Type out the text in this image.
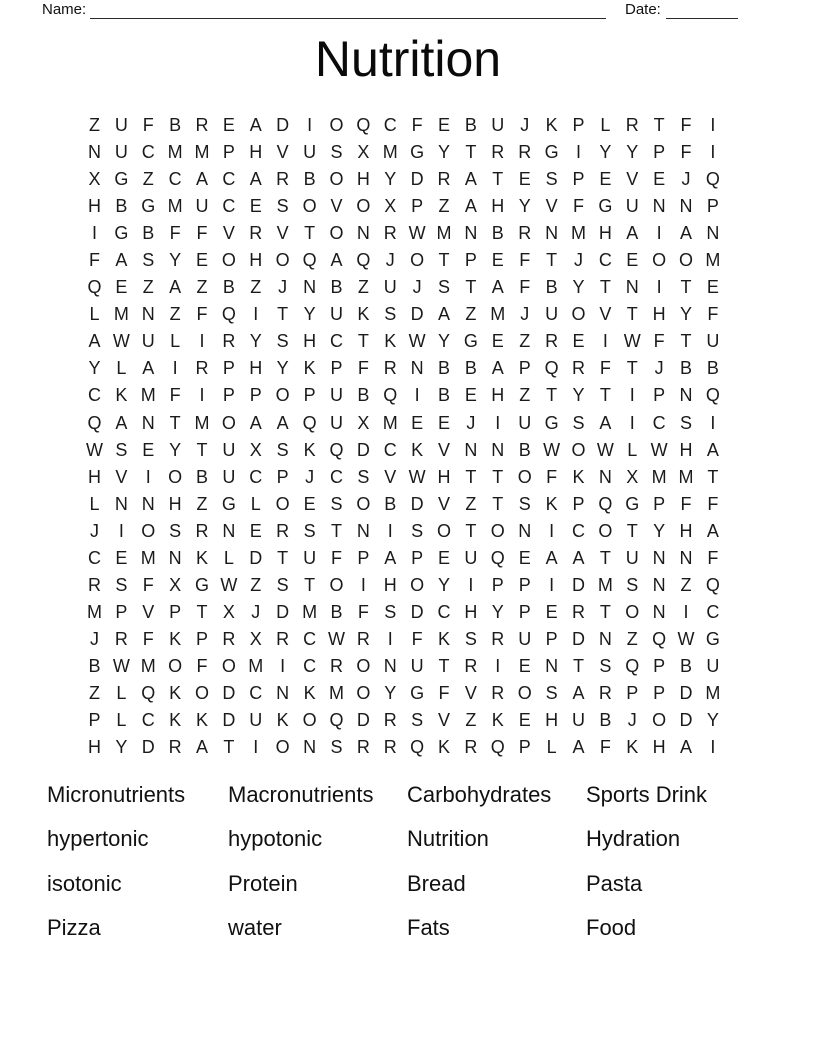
Name:	Date:
Nutrition
Z U F B R E A D I O Q C F E B U J K P L R T F	I
N U C M M P H V U S X M G Y T R R G I	Y Y P F	I
X G Z C A C A R B O H Y D R A T E S P E V E J Q
H B G M U C E S O V O X P Z A H Y V F G U N N P
I G B F F V R V T O N R W M N B R N M H A	I	A N
F A S Y E O H O Q A Q J O T P E F T J C E O O M
Q E Z A Z B Z J N B Z U J S T A F B Y T N I	T E
L M N Z F Q I	T Y U K S D A Z M J U O V T H Y F
A W U L	I R Y S H C T K W Y G E Z R E	I W F T U
Y L A	I R P H Y K P F R N B B A P Q R F T J B B
C K M F	I	P P O P U B Q I	B E H Z T Y T	I	P N Q
Q A N T M O A A Q U X M E E J	I U G S A	I C S	I
W S E Y T U X S K Q D C K V N N B W O W L W H A
H V	I O B U C P J C S V W H T T O F K N X M M T
L N N H Z G L O E S O B D V Z T S K P Q G P F F
J	I O S R N E R S T N I	S O T O N I C O T Y H A
C E M N K L D T U F P A P E U Q E A A T U N N F
R S F X G W Z S T O I H O Y	I	P P	I D M S N Z Q
M P V P T X J D M B F S D C H Y P E R T O N I C
J R F K P R X R C W R I	F K S R U P D N Z Q W G
B W M O F O M I C R O N U T R I	E N T S Q P B U
Z L Q K O D C N K M O Y G F V R O S A R P P D M
P L C K K D U K O Q D R S V Z K E H U B J O D Y
H Y D R A T	I O N S R R Q K R Q P L A F K H A	I
Micronutrients	Macronutrients	Carbohydrates	Sports Drink
hypertonic	hypotonic	Nutrition	Hydration
isotonic	Protein	Bread	Pasta
Pizza	water	Fats	Food
